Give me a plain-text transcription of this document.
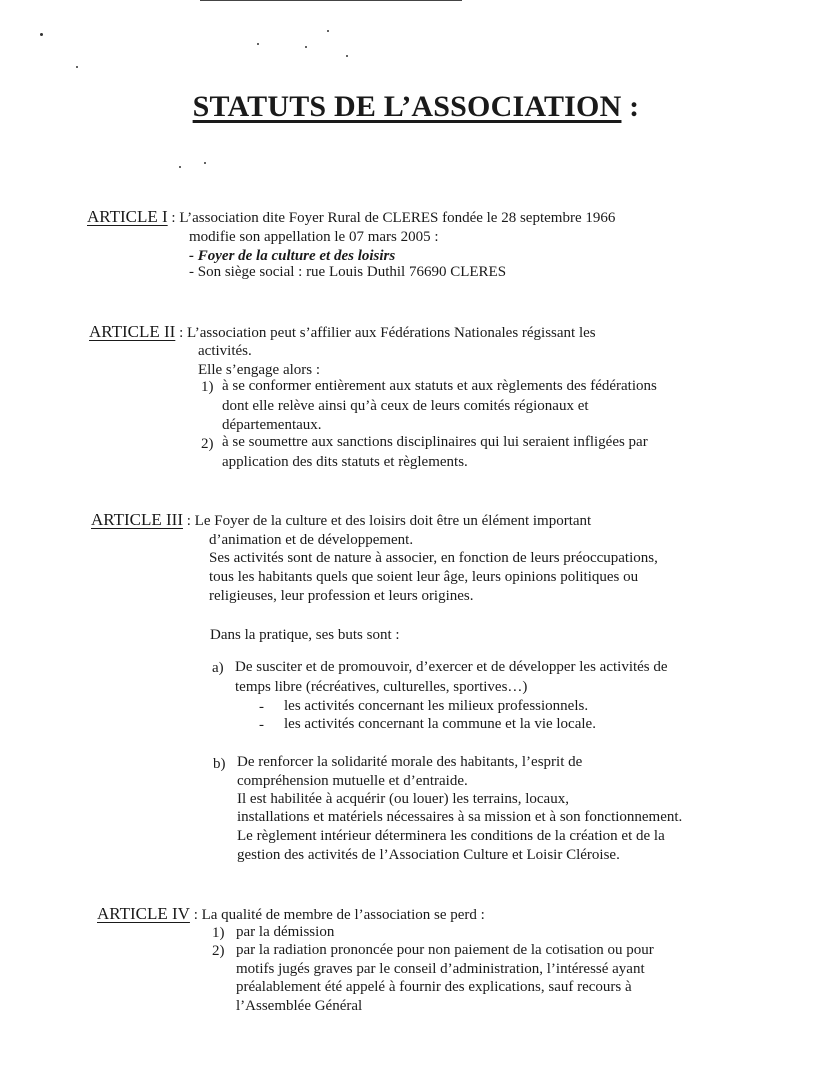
STATUTS DE L’ASSOCIATION :
ARTICLE I : L’association dite Foyer Rural de CLERES fondée le 28 septembre 1966
modifie son appellation le 07 mars 2005 :
- Foyer de la culture et des loisirs
- Son siège social : rue Louis Duthil 76690 CLERES
ARTICLE II : L’association peut s’affilier aux Fédérations Nationales régissant les
activités.
Elle s’engage alors :
1) à se conformer entièrement aux statuts et aux règlements des fédérations
dont elle relève ainsi qu’à ceux de leurs comités régionaux et
départementaux.
2) à se soumettre aux sanctions disciplinaires qui lui seraient infligées par
application des dits statuts et règlements.
ARTICLE III : Le Foyer de la culture et des loisirs doit être un élément important
d’animation et de développement.
Ses activités sont de nature à associer, en fonction de leurs préoccupations,
tous les habitants quels que soient leur âge, leurs opinions politiques ou
religieuses, leur profession et leurs origines.
Dans la pratique, ses buts sont :
a) De susciter et de promouvoir, d’exercer et de développer les activités de
temps libre (récréatives, culturelles, sportives…)
- les activités concernant les milieux professionnels.
- les activités concernant la commune et la vie locale.
b) De renforcer la solidarité morale des habitants, l’esprit de
compréhension mutuelle et d’entraide.
Il est habilitée à acquérir (ou louer) les terrains, locaux,
installations et matériels nécessaires à sa mission et à son fonctionnement.
Le règlement intérieur déterminera les conditions de la création et de la
gestion des activités de l’Association Culture et Loisir Cléroise.
ARTICLE IV : La qualité de membre de l’association se perd :
1) par la démission
2) par la radiation prononcée pour non paiement de la cotisation ou pour
motifs jugés graves par le conseil d’administration, l’intéressé ayant
préalablement été appelé à fournir des explications, sauf recours à
l’Assemblée Général
